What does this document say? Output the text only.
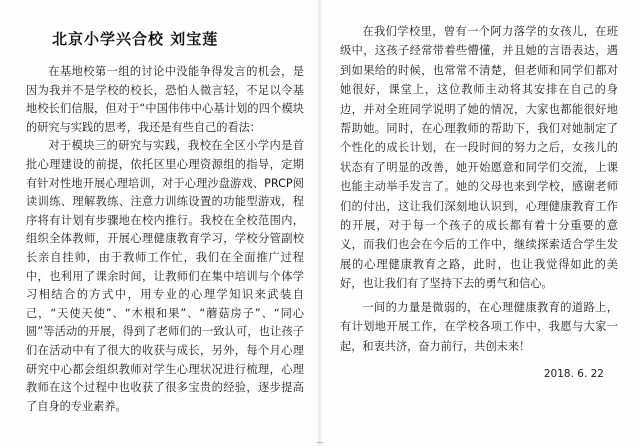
北京小学兴合校 刘宝莲

在基地校第一组的讨论中没能争得发言的机会，是因为我并不是学校的校长，恐怕人微言轻，不足以令基地校长们信服，但对于“中国伟伟中心基计划的四个模块的研究与实践的思考，我还是有些自己的看法：

对于模块三的研究与实践，我校在全区小学内是首批心理建设的前提，依托区里心理资源组的指导，定期有针对性地开展心理培训，对于心理沙盘游戏、PRCP阅读训练、理解教练、注意力训练设置的功能型游戏，程序将有计划有步骤地在校内推行。我校在全校范围内，组织全体教师，开展心理健康教育学习，学校分管副校长亲自挂帅，由于教师工作忙，我们在全面推广过程中，也利用了课余时间，让教师们在集中培训与个体学习相结合的方式中，用专业的心理学知识来武装自己，“天使天使”、“木根和果”、“蘑菇房子”、“同心圆”等活动的开展，得到了老师们的一致认可，也让孩子们在活动中有了很大的收获与成长，另外，每个月心理研究中心都会组织教师对学生心理状况进行梳理，心理教师在这个过程中也收获了很多宝贵的经验，逐步提高了自身的专业素养。

在我们学校里，曾有一个阿力落学的女孩儿，在班级中，这孩子经常带着些懵懂，并且她的言语表达，遇到如果给的时候，也常常不清楚，但老师和同学们都对她很好，课堂上，这位教师主动将其安排在自己的身边，并对全班同学说明了她的情况，大家也都能很好地帮助她。同时，在心理教师的帮助下，我们对她制定了个性化的成长计划，在一段时间的努力之后，女孩儿的状态有了明显的改善，她开始愿意和同学们交流，上课也能主动举手发言了。她的父母也来到学校，感谢老师们的付出，这让我们深刻地认识到，心理健康教育工作的开展，对于每一个孩子的成长都有着十分重要的意义，而我们也会在今后的工作中，继续探索适合学生发展的心理健康教育之路，此时，也让我觉得如此的美好，也让我们有了坚持下去的勇气和信心。

一间的力量是微弱的，在心理健康教育的道路上，有计划地开展工作，在学校各项工作中，我愿与大家一起，和衷共济，奋力前行，共创未来！

2018. 6. 22
—
